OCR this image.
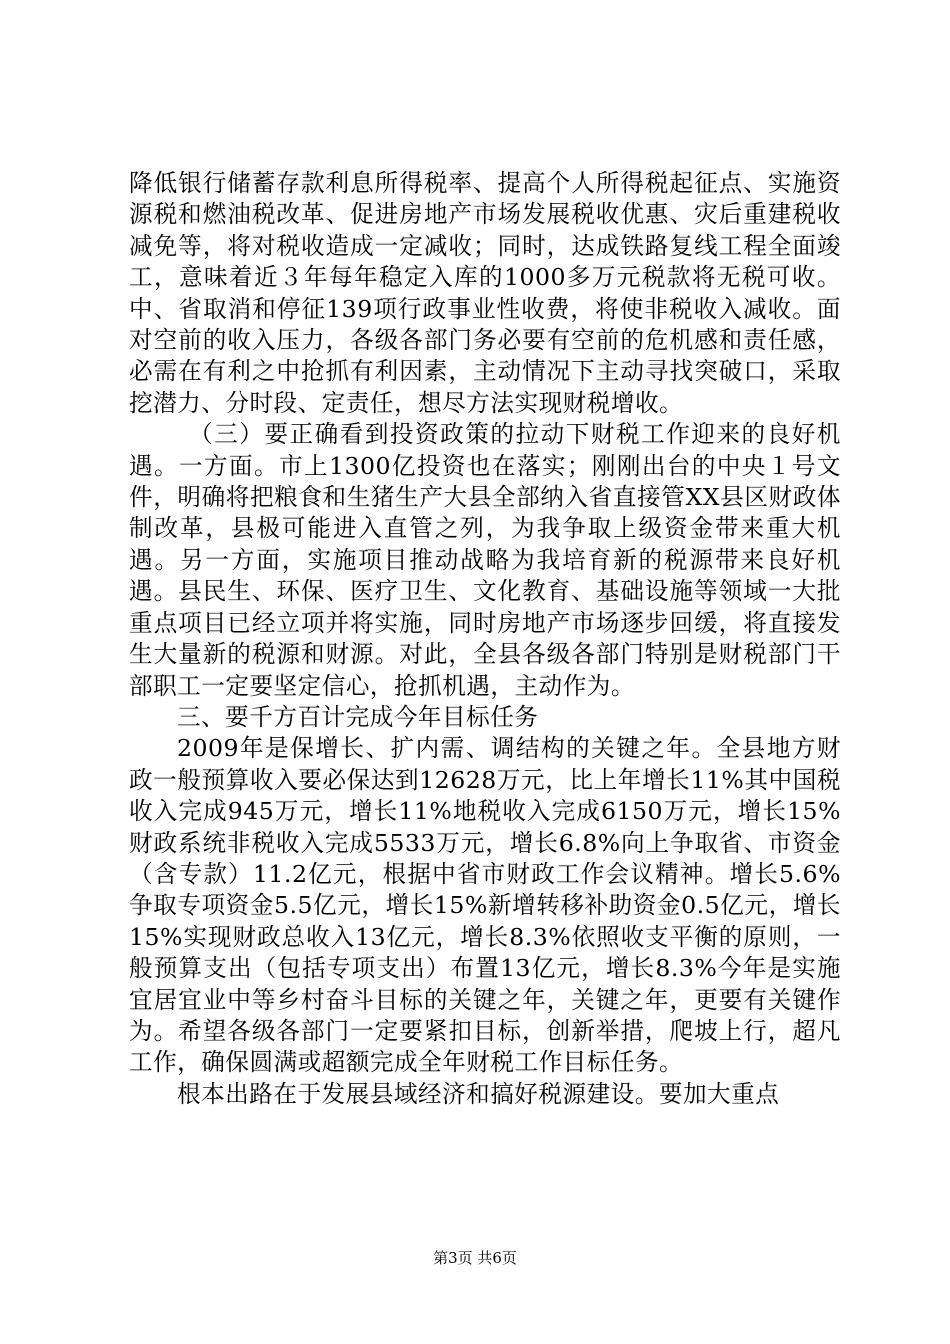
降低银行储蓄存款利息所得税率、提高个人所得税起征点、实施资源税和燃油税改革、促进房地产市场发展税收优惠、灾后重建税收减免等，将对税收造成一定减收；同时，达成铁路复线工程全面竣工，意味着近３年每年稳定入库的1000多万元税款将无税可收。中、省取消和停征139项行政事业性收费，将使非税收入减收。面对空前的收入压力，各级各部门务必要有空前的危机感和责任感，必需在有利之中抢抓有利因素，主动情况下主动寻找突破口，采取挖潜力、分时段、定责任，想尽方法实现财税增收。

（三）要正确看到投资政策的拉动下财税工作迎来的良好机遇。一方面。市上1300亿投资也在落实；刚刚出台的中央１号文件，明确将把粮食和生猪生产大县全部纳入省直接管XX县区财政体制改革，县极可能进入直管之列，为我争取上级资金带来重大机遇。另一方面，实施项目推动战略为我培育新的税源带来良好机遇。县民生、环保、医疗卫生、文化教育、基础设施等领域一大批重点项目已经立项并将实施，同时房地产市场逐步回缓，将直接发生大量新的税源和财源。对此，全县各级各部门特别是财税部门干部职工一定要坚定信心，抢抓机遇，主动作为。

三、要千方百计完成今年目标任务

2009年是保增长、扩内需、调结构的关键之年。全县地方财政一般预算收入要必保达到12628万元，比上年增长11%其中国税收入完成945万元，增长11%地税收入完成6150万元，增长15%财政系统非税收入完成5533万元，增长6.8%向上争取省、市资金（含专款）11.2亿元，根据中省市财政工作会议精神。增长5.6%争取专项资金5.5亿元，增长15%新增转移补助资金0.5亿元，增长15%实现财政总收入13亿元，增长8.3%依照收支平衡的原则，一般预算支出（包括专项支出）布置13亿元，增长8.3%今年是实施宜居宜业中等乡村奋斗目标的关键之年，关键之年，更要有关键作为。希望各级各部门一定要紧扣目标，创新举措，爬坡上行，超凡工作，确保圆满或超额完成全年财税工作目标任务。

根本出路在于发展县域经济和搞好税源建设。要加大重点

第3页 共6页
